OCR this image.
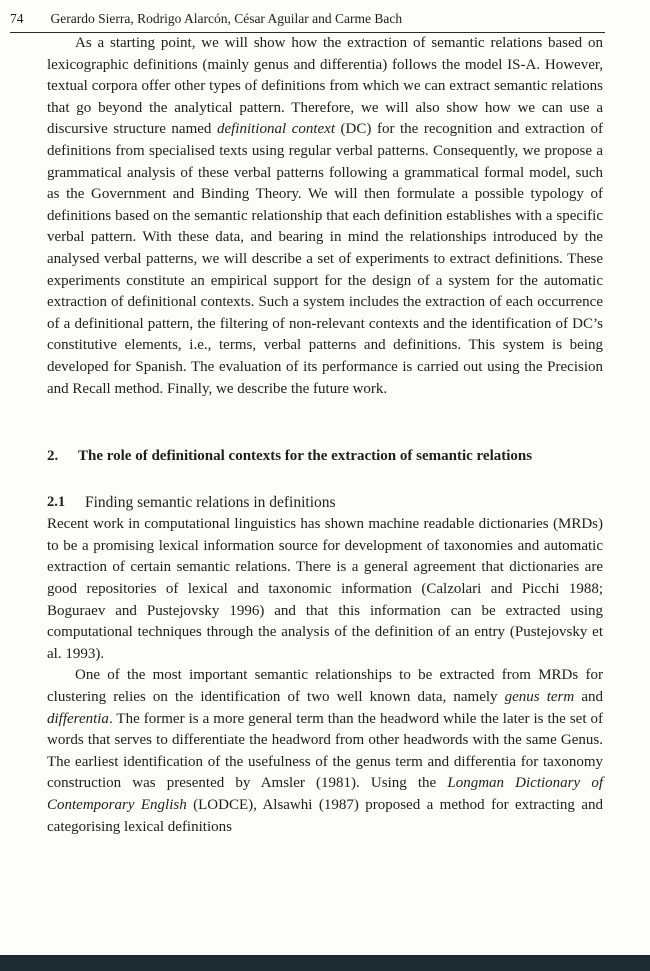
74 Gerardo Sierra, Rodrigo Alarcón, César Aguilar and Carme Bach

As a starting point, we will show how the extraction of semantic relations based on lexicographic definitions (mainly genus and differentia) follows the model IS-A. However, textual corpora offer other types of definitions from which we can extract semantic relations that go beyond the analytical pattern. Therefore, we will also show how we can use a discursive structure named definitional context (DC) for the recognition and extraction of definitions from specialised texts using regular verbal patterns. Consequently, we propose a grammatical analysis of these verbal patterns following a grammatical formal model, such as the Government and Binding Theory. We will then formulate a possible typology of definitions based on the semantic relationship that each definition establishes with a specific verbal pattern. With these data, and bearing in mind the relationships introduced by the analysed verbal patterns, we will describe a set of experiments to extract definitions. These experiments constitute an empirical support for the design of a system for the automatic extraction of definitional contexts. Such a system includes the extraction of each occurrence of a definitional pattern, the filtering of non-relevant contexts and the identification of DC’s constitutive elements, i.e., terms, verbal patterns and definitions. This system is being developed for Spanish. The evaluation of its performance is carried out using the Precision and Recall method. Finally, we describe the future work.

2.	The role of definitional contexts for the extraction of semantic relations
2.1	Finding semantic relations in definitions

Recent work in computational linguistics has shown machine readable dictionaries (MRDs) to be a promising lexical information source for development of taxonomies and automatic extraction of certain semantic relations. There is a general agreement that dictionaries are good repositories of lexical and taxonomic information (Calzolari and Picchi 1988; Boguraev and Pustejovsky 1996) and that this information can be extracted using computational techniques through the analysis of the definition of an entry (Pustejovsky et al. 1993).

One of the most important semantic relationships to be extracted from MRDs for clustering relies on the identification of two well known data, namely genus term and differentia. The former is a more general term than the headword while the later is the set of words that serves to differentiate the headword from other headwords with the same Genus. The earliest identification of the usefulness of the genus term and differentia for taxonomy construction was presented by Amsler (1981). Using the Longman Dictionary of Contemporary English (LODCE), Alsawhi (1987) proposed a method for extracting and categorising lexical definitions
